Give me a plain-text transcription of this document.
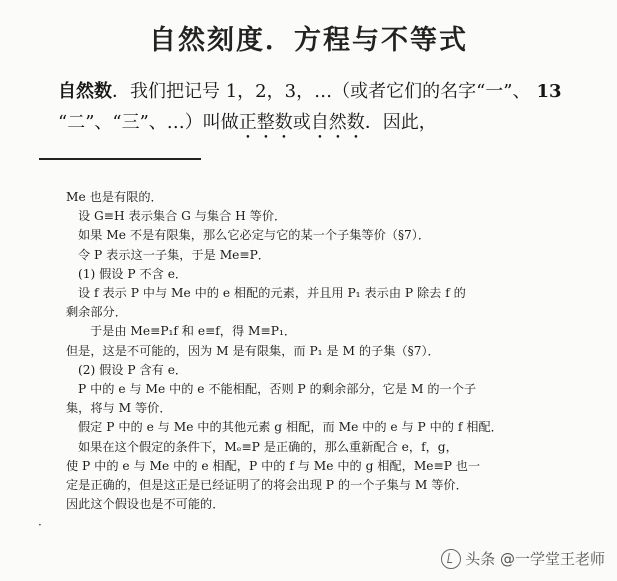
自然刻度．方程与不等式
自然数．我们把记号 1，2，3，…（或者它们的名字“一”、 13
“二”、“三”、…）叫做正整数或自然数．因此，
Me 也是有限的．
设 G≡H 表示集合 G 与集合 H 等价．
如果 Me 不是有限集，那么它必定与它的某一个子集等价（§7）．
令 P 表示这一子集，于是 Me≡P．
(1) 假设 P 不含 e．
设 f 表示 P 中与 Me 中的 e 相配的元素，并且用 P₁ 表示由 P 除去 f 的
剩余部分．
于是由 Me≡P₁f 和 e≡f，得 M≡P₁．
但是，这是不可能的，因为 M 是有限集，而 P₁ 是 M 的子集（§7）．
(2) 假设 P 含有 e．
P 中的 e 与 Me 中的 e 不能相配，否则 P 的剩余部分，它是 M 的一个子
集，将与 M 等价．
假定 P 中的 e 与 Me 中的其他元素 g 相配，而 Me 中的 e 与 P 中的 f 相配．
如果在这个假定的条件下，Mₑ≡P 是正确的，那么重新配合 e，f，g，
使 P 中的 e 与 Me 中的 e 相配，P 中的 f 与 Me 中的 g 相配，Me≡P 也一
定是正确的，但是这正是已经证明了的将会出现 P 的一个子集与 M 等价．
因此这个假设也是不可能的．
·
头条 @一学堂王老师
